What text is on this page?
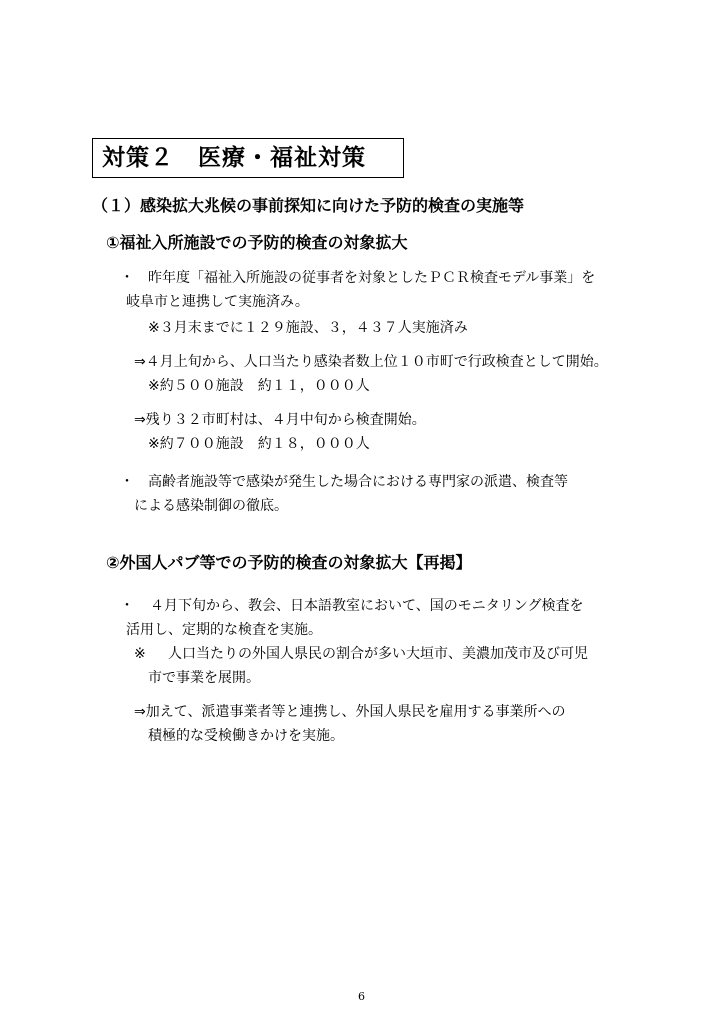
対策２　医療・福祉対策
（１）感染拡大兆候の事前探知に向けた予防的検査の実施等
①福祉入所施設での予防的検査の対象拡大
・ 昨年度「福祉入所施設の従事者を対象としたＰＣＲ検査モデル事業」を
岐阜市と連携して実施済み。
※３月末までに１２９施設、３，４３７人実施済み
⇒４月上旬から、人口当たり感染者数上位１０市町で行政検査として開始。
※約５００施設　約１１，０００人
⇒残り３２市町村は、４月中旬から検査開始。
※約７００施設　約１８，０００人
・ 高齢者施設等で感染が発生した場合における専門家の派遣、検査等
による感染制御の徹底。
②外国人パブ等での予防的検査の対象拡大【再掲】
・ ４月下旬から、教会、日本語教室において、国のモニタリング検査を
活用し、定期的な検査を実施。
※ 人口当たりの外国人県民の割合が多い大垣市、美濃加茂市及び可児
市で事業を展開。
⇒加えて、派遣事業者等と連携し、外国人県民を雇用する事業所への
積極的な受検働きかけを実施。
6
